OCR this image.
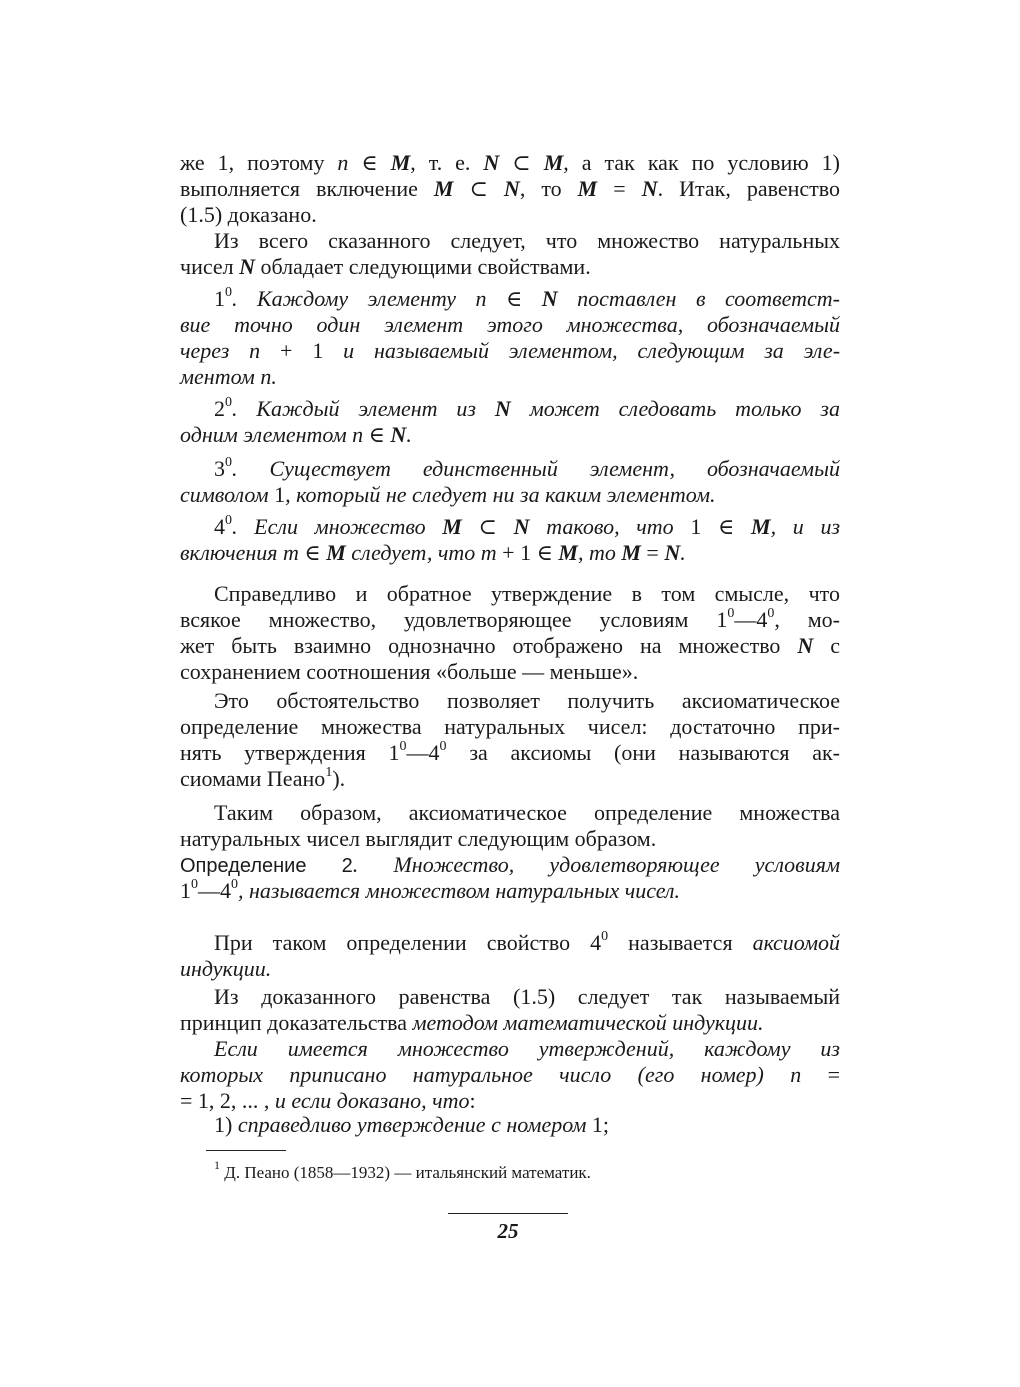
же 1, поэтому n ∈ M, т. е. N ⊂ M, а так как по условию 1)
выполняется включение M ⊂ N, то M = N. Итак, равенство
(1.5) доказано.
Из всего сказанного следует, что множество натуральных
чисел N обладает следующими свойствами.
$1^0$. Каждому элементу n ∈ N поставлен в соответст-
вие точно один элемент этого множества, обозначаемый
через n + 1 и называемый элементом, следующим за эле-
ментом n.
$2^0$. Каждый элемент из N может следовать только за
одним элементом n ∈ N.
$3^0$. Существует единственный элемент, обозначаемый
символом 1, который не следует ни за каким элементом.
$4^0$. Если множество M ⊂ N таково, что 1 ∈ M, и из
включения m ∈ M следует, что m + 1 ∈ M, то M = N.
Справедливо и обратное утверждение в том смысле, что
всякое множество, удовлетворяющее условиям $1^0—4^0$, мо-
жет быть взаимно однозначно отображено на множество N с
сохранением соотношения «больше — меньше».
Это обстоятельство позволяет получить аксиоматическое
определение множества натуральных чисел: достаточно при-
нять утверждения $1^0—4^0$ за аксиомы (они называются ак-
сиомами Пеано$^1$).
Таким образом, аксиоматическое определение множества
натуральных чисел выглядит следующим образом.
Определение 2. Множество, удовлетворяющее условиям
$1^0—4^0$, называется множеством натуральных чисел.
При таком определении свойство $4^0$ называется аксиомой
индукции.
Из доказанного равенства (1.5) следует так называемый
принцип доказательства методом математической индукции.
Если имеется множество утверждений, каждому из
которых приписано натуральное число (его номер) n =
= 1, 2, ... , и если доказано, что:
1) справедливо утверждение с номером 1;
$^1$ Д. Пеано (1858—1932) — итальянский математик.
25
